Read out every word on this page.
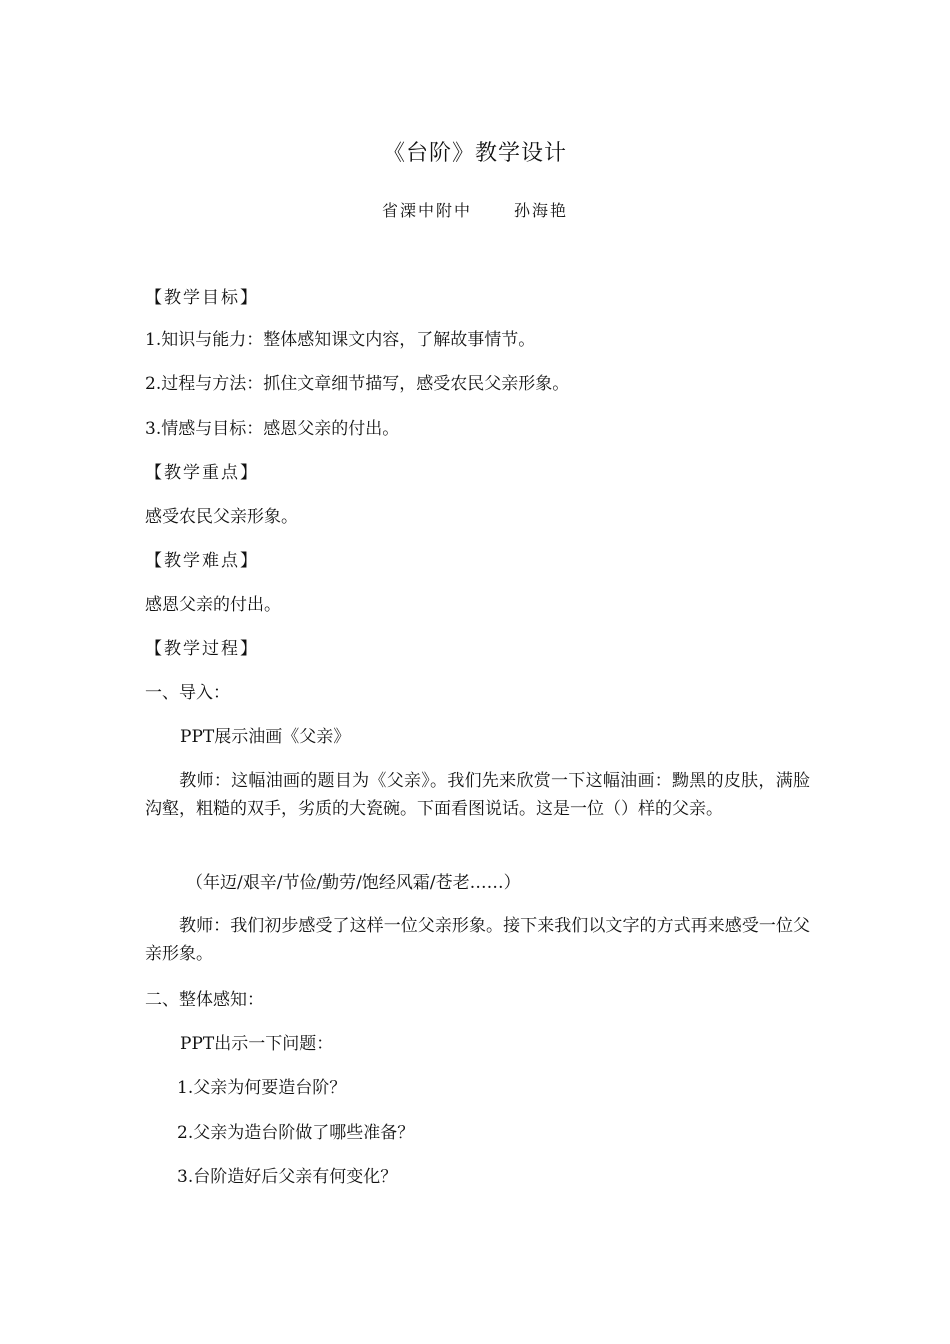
《台阶》教学设计
省溧中附中	孙海艳
【教学目标】
1.知识与能力：整体感知课文内容，了解故事情节。
2.过程与方法：抓住文章细节描写，感受农民父亲形象。
3.情感与目标：感恩父亲的付出。
【教学重点】
感受农民父亲形象。
【教学难点】
感恩父亲的付出。
【教学过程】
一、导入：
PPT展示油画《父亲》
教师：这幅油画的题目为《父亲》。我们先来欣赏一下这幅油画：黝黑的皮肤，满脸沟壑，粗糙的双手，劣质的大瓷碗。下面看图说话。这是一位（）样的父亲。
（年迈/艰辛/节俭/勤劳/饱经风霜/苍老……）
教师：我们初步感受了这样一位父亲形象。接下来我们以文字的方式再来感受一位父亲形象。
二、整体感知：
PPT出示一下问题：
1.父亲为何要造台阶？
2.父亲为造台阶做了哪些准备？
3.台阶造好后父亲有何变化？
